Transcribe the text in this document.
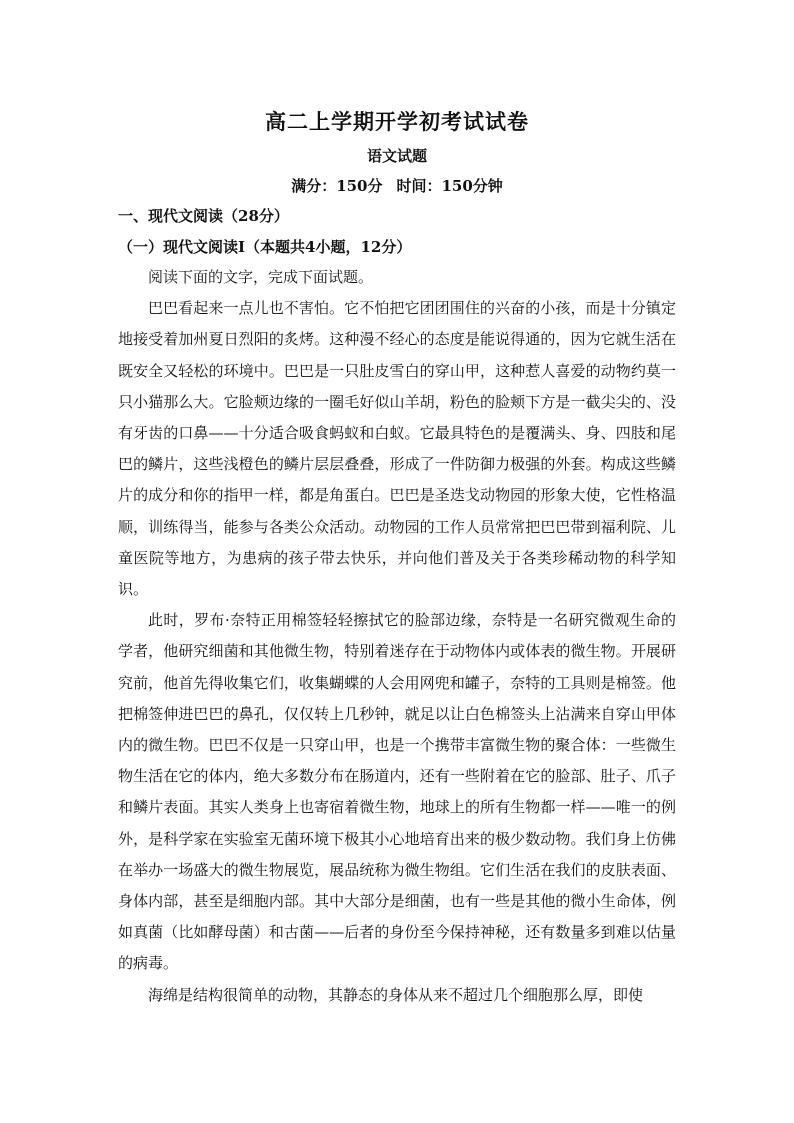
高二上学期开学初考试试卷
语文试题
满分：150分 时间：150分钟
一、现代文阅读（28分）
（一）现代文阅读Ⅰ（本题共4小题，12分）

阅读下面的文字，完成下面试题。

巴巴看起来一点儿也不害怕。它不怕把它团团围住的兴奋的小孩，而是十分镇定地接受着加州夏日烈阳的炙烤。这种漫不经心的态度是能说得通的，因为它就生活在既安全又轻松的环境中。巴巴是一只肚皮雪白的穿山甲，这种惹人喜爱的动物约莫一只小猫那么大。它脸颊边缘的一圈毛好似山羊胡，粉色的脸颊下方是一截尖尖的、没有牙齿的口鼻——十分适合吸食蚂蚁和白蚁。它最具特色的是覆满头、身、四肢和尾巴的鳞片，这些浅橙色的鳞片层层叠叠，形成了一件防御力极强的外套。构成这些鳞片的成分和你的指甲一样，都是角蛋白。巴巴是圣迭戈动物园的形象大使，它性格温顺，训练得当，能参与各类公众活动。动物园的工作人员常常把巴巴带到福利院、儿童医院等地方，为患病的孩子带去快乐，并向他们普及关于各类珍稀动物的科学知识。

此时，罗布·奈特正用棉签轻轻擦拭它的脸部边缘，奈特是一名研究微观生命的学者，他研究细菌和其他微生物，特别着迷存在于动物体内或体表的微生物。开展研究前，他首先得收集它们，收集蝴蝶的人会用网兜和罐子，奈特的工具则是棉签。他把棉签伸进巴巴的鼻孔，仅仅转上几秒钟，就足以让白色棉签头上沾满来自穿山甲体内的微生物。巴巴不仅是一只穿山甲，也是一个携带丰富微生物的聚合体：一些微生物生活在它的体内，绝大多数分布在肠道内，还有一些附着在它的脸部、肚子、爪子和鳞片表面。其实人类身上也寄宿着微生物，地球上的所有生物都一样——唯一的例外，是科学家在实验室无菌环境下极其小心地培育出来的极少数动物。我们身上仿佛在举办一场盛大的微生物展览，展品统称为微生物组。它们生活在我们的皮肤表面、身体内部，甚至是细胞内部。其中大部分是细菌，也有一些是其他的微小生命体，例如真菌（比如酵母菌）和古菌——后者的身份至今保持神秘，还有数量多到难以估量的病毒。

海绵是结构很简单的动物，其静态的身体从来不超过几个细胞那么厚，即使
